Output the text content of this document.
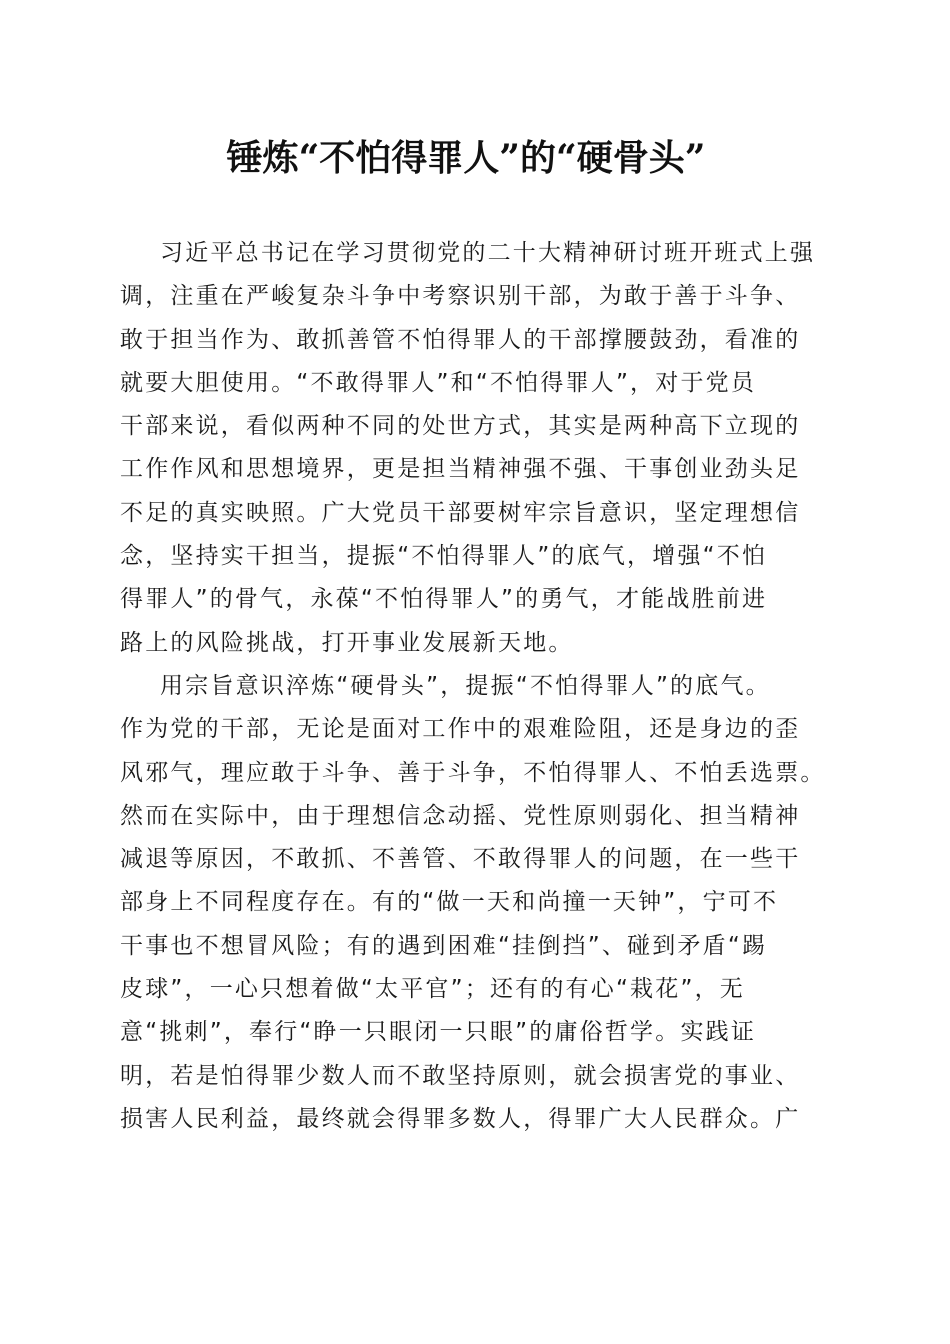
锤炼“不怕得罪人”的“硬骨头”
习近平总书记在学习贯彻党的二十大精神研讨班开班式上强
调，注重在严峻复杂斗争中考察识别干部，为敢于善于斗争、
敢于担当作为、敢抓善管不怕得罪人的干部撑腰鼓劲，看准的
就要大胆使用。“不敢得罪人”和“不怕得罪人”，对于党员
干部来说，看似两种不同的处世方式，其实是两种高下立现的
工作作风和思想境界，更是担当精神强不强、干事创业劲头足
不足的真实映照。广大党员干部要树牢宗旨意识，坚定理想信
念，坚持实干担当，提振“不怕得罪人”的底气，增强“不怕
得罪人”的骨气，永葆“不怕得罪人”的勇气，才能战胜前进
路上的风险挑战，打开事业发展新天地。
用宗旨意识淬炼“硬骨头”，提振“不怕得罪人”的底气。
作为党的干部，无论是面对工作中的艰难险阻，还是身边的歪
风邪气，理应敢于斗争、善于斗争，不怕得罪人、不怕丢选票。
然而在实际中，由于理想信念动摇、党性原则弱化、担当精神
减退等原因，不敢抓、不善管、不敢得罪人的问题，在一些干
部身上不同程度存在。有的“做一天和尚撞一天钟”，宁可不
干事也不想冒风险；有的遇到困难“挂倒挡”、碰到矛盾“踢
皮球”，一心只想着做“太平官”；还有的有心“栽花”，无
意“挑刺”，奉行“睁一只眼闭一只眼”的庸俗哲学。实践证
明，若是怕得罪少数人而不敢坚持原则，就会损害党的事业、
损害人民利益，最终就会得罪多数人，得罪广大人民群众。广
